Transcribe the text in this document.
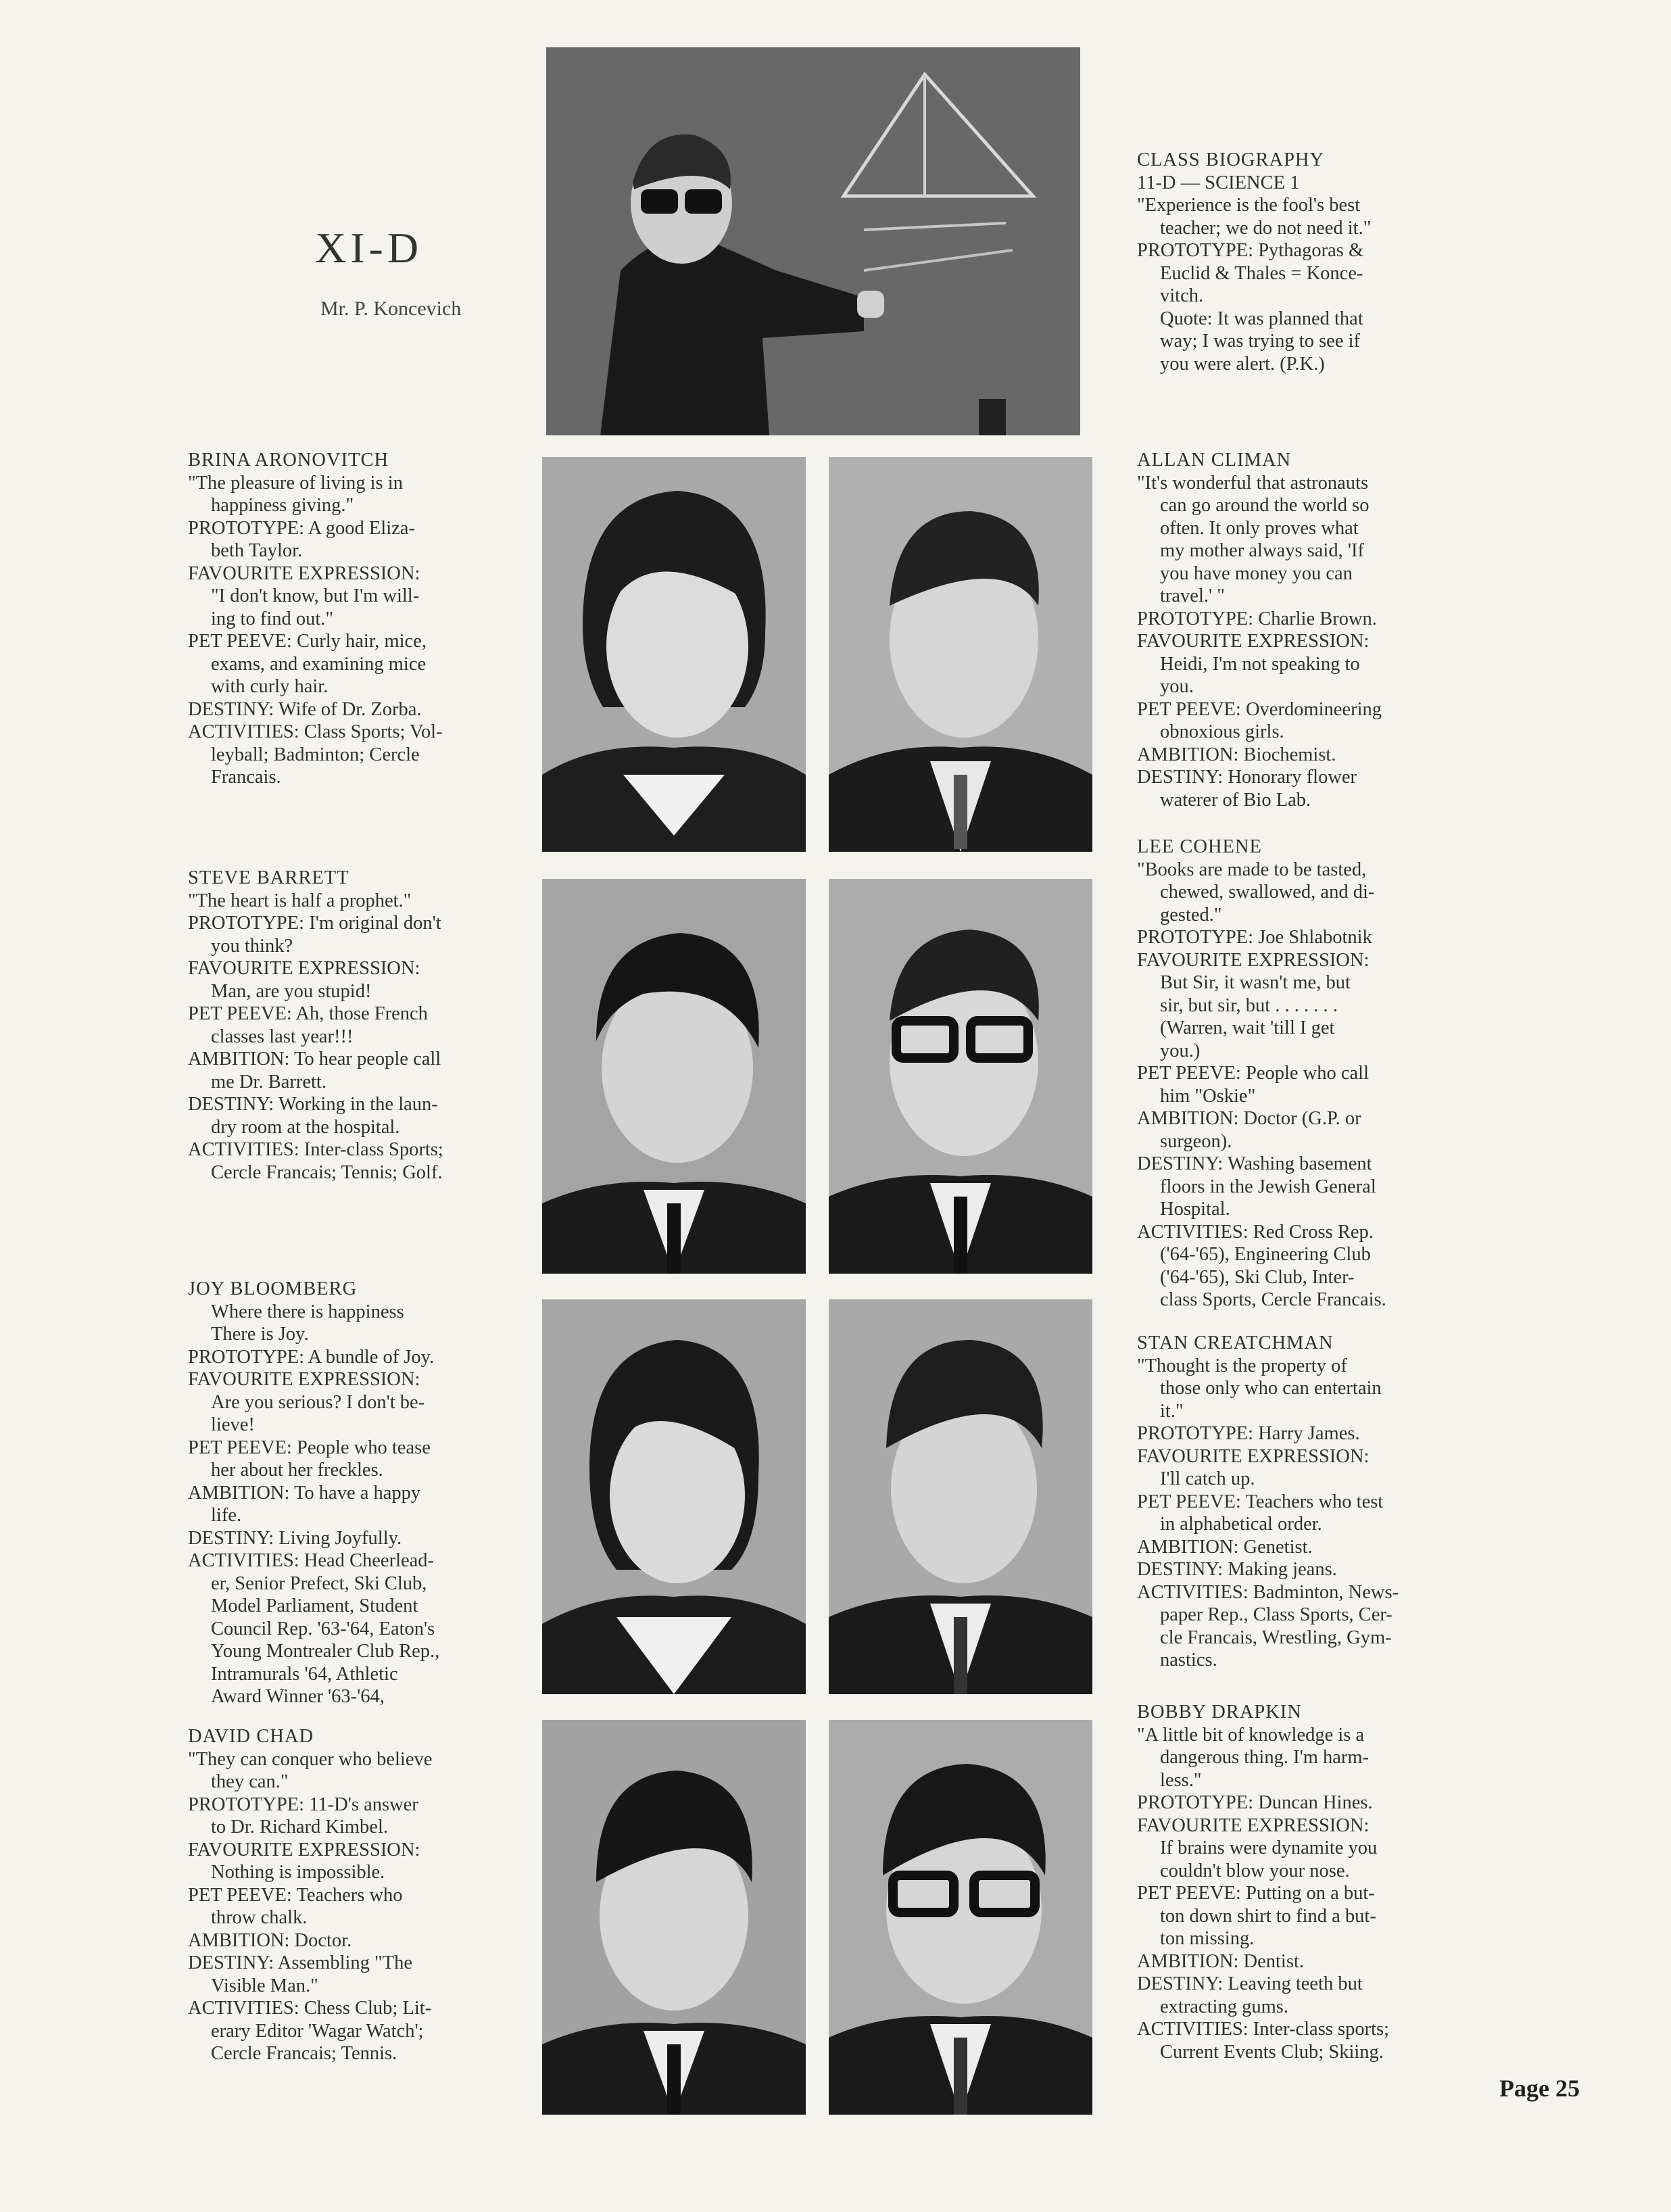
XI-D
Mr. P. Koncevich
CLASS BIOGRAPHY
11-D — SCIENCE 1
"Experience is the fool's best
teacher; we do not need it."
PROTOTYPE: Pythagoras &
Euclid & Thales = Konce-
vitch.
Quote: It was planned that
way; I was trying to see if
you were alert. (P.K.)
BRINA ARONOVITCH
"The pleasure of living is in
happiness giving."
PROTOTYPE: A good Eliza-
beth Taylor.
FAVOURITE EXPRESSION:
"I don't know, but I'm will-
ing to find out."
PET PEEVE: Curly hair, mice,
exams, and examining mice
with curly hair.
DESTINY: Wife of Dr. Zorba.
ACTIVITIES: Class Sports; Vol-
leyball; Badminton; Cercle
Francais.
STEVE BARRETT
"The heart is half a prophet."
PROTOTYPE: I'm original don't
you think?
FAVOURITE EXPRESSION:
Man, are you stupid!
PET PEEVE: Ah, those French
classes last year!!!
AMBITION: To hear people call
me Dr. Barrett.
DESTINY: Working in the laun-
dry room at the hospital.
ACTIVITIES: Inter-class Sports;
Cercle Francais; Tennis; Golf.
JOY BLOOMBERG
Where there is happiness
There is Joy.
PROTOTYPE: A bundle of Joy.
FAVOURITE EXPRESSION:
Are you serious? I don't be-
lieve!
PET PEEVE: People who tease
her about her freckles.
AMBITION: To have a happy
life.
DESTINY: Living Joyfully.
ACTIVITIES: Head Cheerlead-
er, Senior Prefect, Ski Club,
Model Parliament, Student
Council Rep. '63-'64, Eaton's
Young Montrealer Club Rep.,
Intramurals '64, Athletic
Award Winner '63-'64,
DAVID CHAD
"They can conquer who believe
they can."
PROTOTYPE: 11-D's answer
to Dr. Richard Kimbel.
FAVOURITE EXPRESSION:
Nothing is impossible.
PET PEEVE: Teachers who
throw chalk.
AMBITION: Doctor.
DESTINY: Assembling "The
Visible Man."
ACTIVITIES: Chess Club; Lit-
erary Editor 'Wagar Watch';
Cercle Francais; Tennis.
ALLAN CLIMAN
"It's wonderful that astronauts
can go around the world so
often. It only proves what
my mother always said, 'If
you have money you can
travel.' "
PROTOTYPE: Charlie Brown.
FAVOURITE EXPRESSION:
Heidi, I'm not speaking to
you.
PET PEEVE: Overdomineering
obnoxious girls.
AMBITION: Biochemist.
DESTINY: Honorary flower
waterer of Bio Lab.
LEE COHENE
"Books are made to be tasted,
chewed, swallowed, and di-
gested."
PROTOTYPE: Joe Shlabotnik
FAVOURITE EXPRESSION:
But Sir, it wasn't me, but
sir, but sir, but . . . . . . .
(Warren, wait 'till I get
you.)
PET PEEVE: People who call
him "Oskie"
AMBITION: Doctor (G.P. or
surgeon).
DESTINY: Washing basement
floors in the Jewish General
Hospital.
ACTIVITIES: Red Cross Rep.
('64-'65), Engineering Club
('64-'65), Ski Club, Inter-
class Sports, Cercle Francais.
STAN CREATCHMAN
"Thought is the property of
those only who can entertain
it."
PROTOTYPE: Harry James.
FAVOURITE EXPRESSION:
I'll catch up.
PET PEEVE: Teachers who test
in alphabetical order.
AMBITION: Genetist.
DESTINY: Making jeans.
ACTIVITIES: Badminton, News-
paper Rep., Class Sports, Cer-
cle Francais, Wrestling, Gym-
nastics.
BOBBY DRAPKIN
"A little bit of knowledge is a
dangerous thing. I'm harm-
less."
PROTOTYPE: Duncan Hines.
FAVOURITE EXPRESSION:
If brains were dynamite you
couldn't blow your nose.
PET PEEVE: Putting on a but-
ton down shirt to find a but-
ton missing.
AMBITION: Dentist.
DESTINY: Leaving teeth but
extracting gums.
ACTIVITIES: Inter-class sports;
Current Events Club; Skiing.
Page 25
